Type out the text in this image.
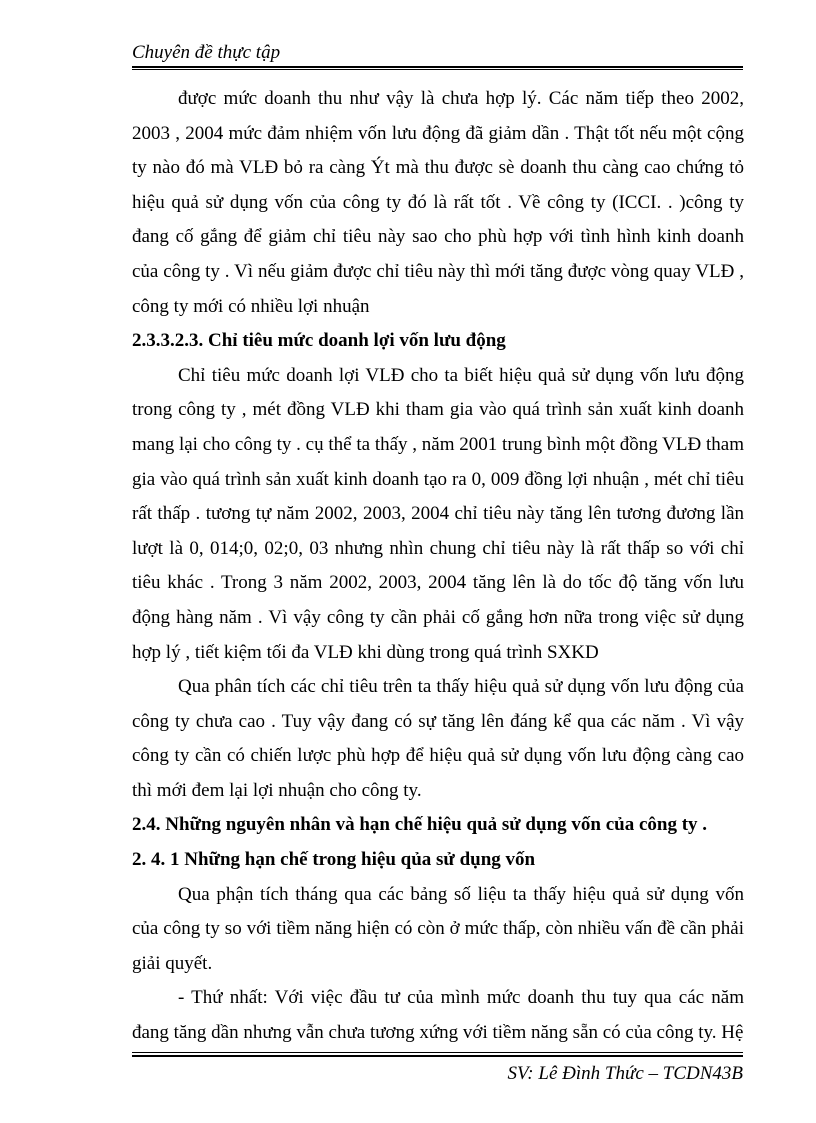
Chuyên đề thực tập

được mức doanh thu như vậy là chưa hợp lý. Các năm tiếp theo 2002, 2003 , 2004 mức đảm nhiệm vốn lưu động đã giảm dần . Thật tốt nếu một cộng ty nào đó mà VLĐ bỏ ra càng Ýt mà thu được sè doanh thu càng cao chứng tỏ hiệu quả sử dụng vốn của công ty đó là rất tốt . Về công ty (ICCI. . )công ty đang cố gắng để giảm chỉ tiêu này sao cho phù hợp với tình hình kinh doanh của công ty . Vì nếu giảm được chỉ tiêu này thì mới tăng được vòng quay VLĐ , công ty mới có nhiều lợi nhuận

2.3.3.2.3. Chỉ tiêu mức doanh lợi vốn lưu động

Chỉ tiêu mức doanh lợi VLĐ cho ta biết hiệu quả sử dụng vốn lưu động trong công ty , mét đồng VLĐ khi tham gia vào quá trình sản xuất kinh doanh mang lại cho công ty . cụ thể ta thấy , năm 2001 trung bình một đồng VLĐ tham gia vào quá trình sản xuất kinh doanh tạo ra 0, 009 đồng lợi nhuận , mét chỉ tiêu rất thấp . tương tự năm 2002, 2003, 2004 chỉ tiêu này tăng lên tương đương lần lượt là 0, 014;0, 02;0, 03 nhưng nhìn chung chỉ tiêu này là rất thấp so với chỉ tiêu khác . Trong 3 năm 2002, 2003, 2004 tăng lên là do tốc độ tăng vốn lưu động hàng năm . Vì vậy công ty cần phải cố gắng hơn nữa trong việc sử dụng hợp lý , tiết kiệm tối đa VLĐ khi dùng trong quá trình SXKD

Qua phân tích các chỉ tiêu trên ta thấy hiệu quả sử dụng vốn lưu động của công ty chưa cao . Tuy vậy đang có sự tăng lên đáng kể qua các năm . Vì vậy công ty cần có chiến lược phù hợp để hiệu quả sử dụng vốn lưu động càng cao thì mới đem lại lợi nhuận cho công ty.

2.4. Những nguyên nhân và hạn chế hiệu quả sử dụng vốn của công ty .

2. 4. 1 Những hạn chế trong hiệu qủa sử dụng vốn

Qua phận tích tháng qua các bảng số liệu ta thấy hiệu quả sử dụng vốn của công ty so với tiềm năng hiện có còn ở mức thấp, còn nhiều vấn đề cần phải giải quyết.

- Thứ nhất: Với việc đầu tư của mình mức doanh thu tuy qua các năm đang tăng dần nhưng vẫn chưa tương xứng với tiềm năng sẵn có của công ty. Hệ

SV: Lê Đình Thức – TCDN43B
